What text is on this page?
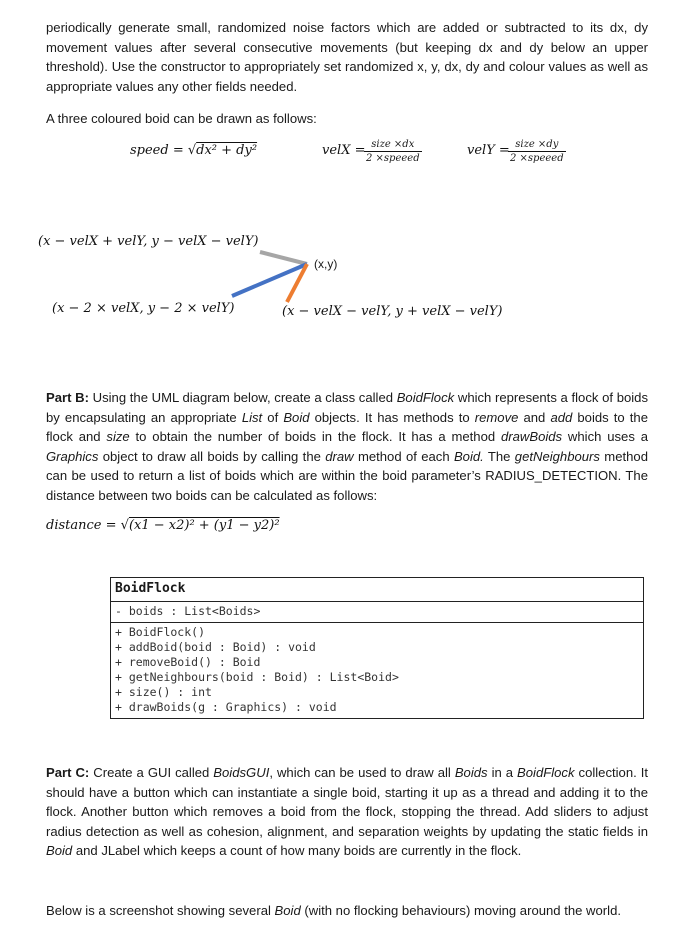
periodically generate small, randomized noise factors which are added or subtracted to its dx, dy movement values after several consecutive movements (but keeping dx and dy below an upper threshold). Use the constructor to appropriately set randomized x, y, dx, dy and colour values as well as appropriate values any other fields needed.
A three coloured boid can be drawn as follows:
speed = √dx² + dy²	velX = size ×dx
2 ×speeed
velY = size ×dy
2 ×speeed
(x − velX + velY, y − velX − velY)
(x,y)
(x − 2 × velX, y − 2 × velY)	(x − velX − velY, y + velX − velY)
Part B: Using the UML diagram below, create a class called BoidFlock which represents a flock of boids by encapsulating an appropriate List of Boid objects. It has methods to remove and add boids to the flock and size to obtain the number of boids in the flock. It has a method drawBoids which uses a Graphics object to draw all boids by calling the draw method of each Boid. The getNeighbours method can be used to return a list of boids which are within the boid parameter’s RADIUS_DETECTION. The distance between two boids can be calculated as follows:
distance = √(x1 − x2)² + (y1 − y2)²
BoidFlock
- boids : List<Boids>
+ BoidFlock()
+ addBoid(boid : Boid) : void
+ removeBoid() : Boid
+ getNeighbours(boid : Boid) : List<Boid>
+ size() : int
+ drawBoids(g : Graphics) : void
Part C: Create a GUI called BoidsGUI, which can be used to draw all Boids in a BoidFlock collection. It should have a button which can instantiate a single boid, starting it up as a thread and adding it to the flock. Another button which removes a boid from the flock, stopping the thread. Add sliders to adjust radius detection as well as cohesion, alignment, and separation weights by updating the static fields in Boid and JLabel which keeps a count of how many boids are currently in the flock.
Below is a screenshot showing several Boid (with no flocking behaviours) moving around the world.
